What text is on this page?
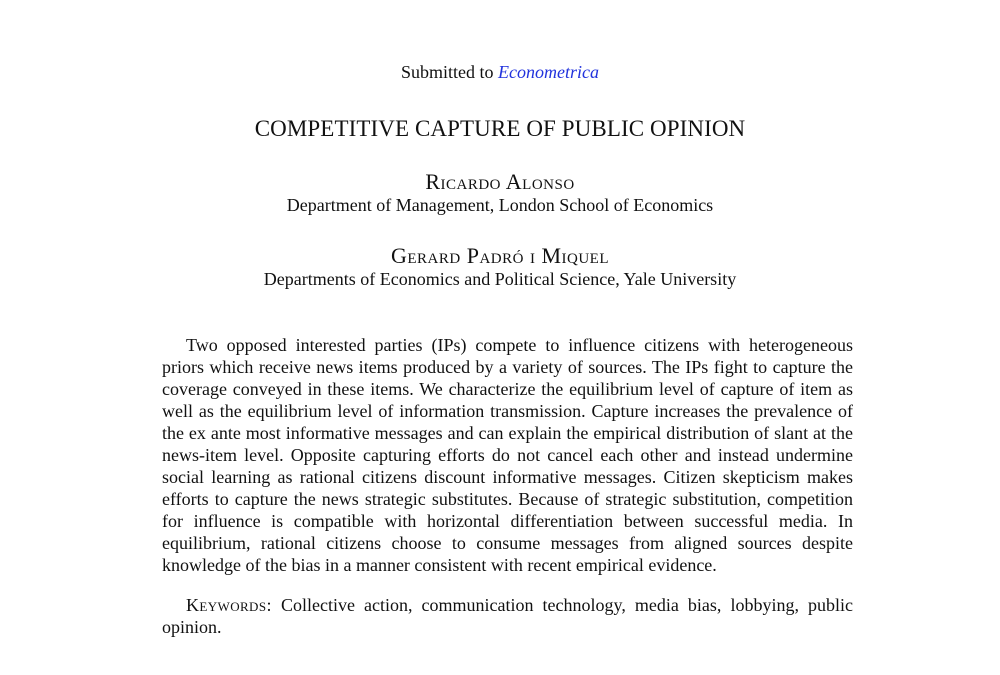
Submitted to Econometrica
COMPETITIVE CAPTURE OF PUBLIC OPINION
Ricardo Alonso
Department of Management, London School of Economics
Gerard Padró i Miquel
Departments of Economics and Political Science, Yale University
Two opposed interested parties (IPs) compete to influence citizens with heterogeneous priors which receive news items produced by a variety of sources. The IPs fight to capture the coverage conveyed in these items. We characterize the equilibrium level of capture of item as well as the equilibrium level of information transmission. Capture increases the prevalence of the ex ante most informative messages and can explain the empirical distribution of slant at the news-item level. Opposite capturing efforts do not cancel each other and instead undermine social learning as rational citizens discount informative messages. Citizen skepticism makes efforts to capture the news strategic substitutes. Because of strategic substitution, competition for influence is compatible with horizontal differentiation between successful media. In equilibrium, rational citizens choose to consume messages from aligned sources despite knowledge of the bias in a manner consistent with recent empirical evidence.
Keywords: Collective action, communication technology, media bias, lobbying, public opinion.
